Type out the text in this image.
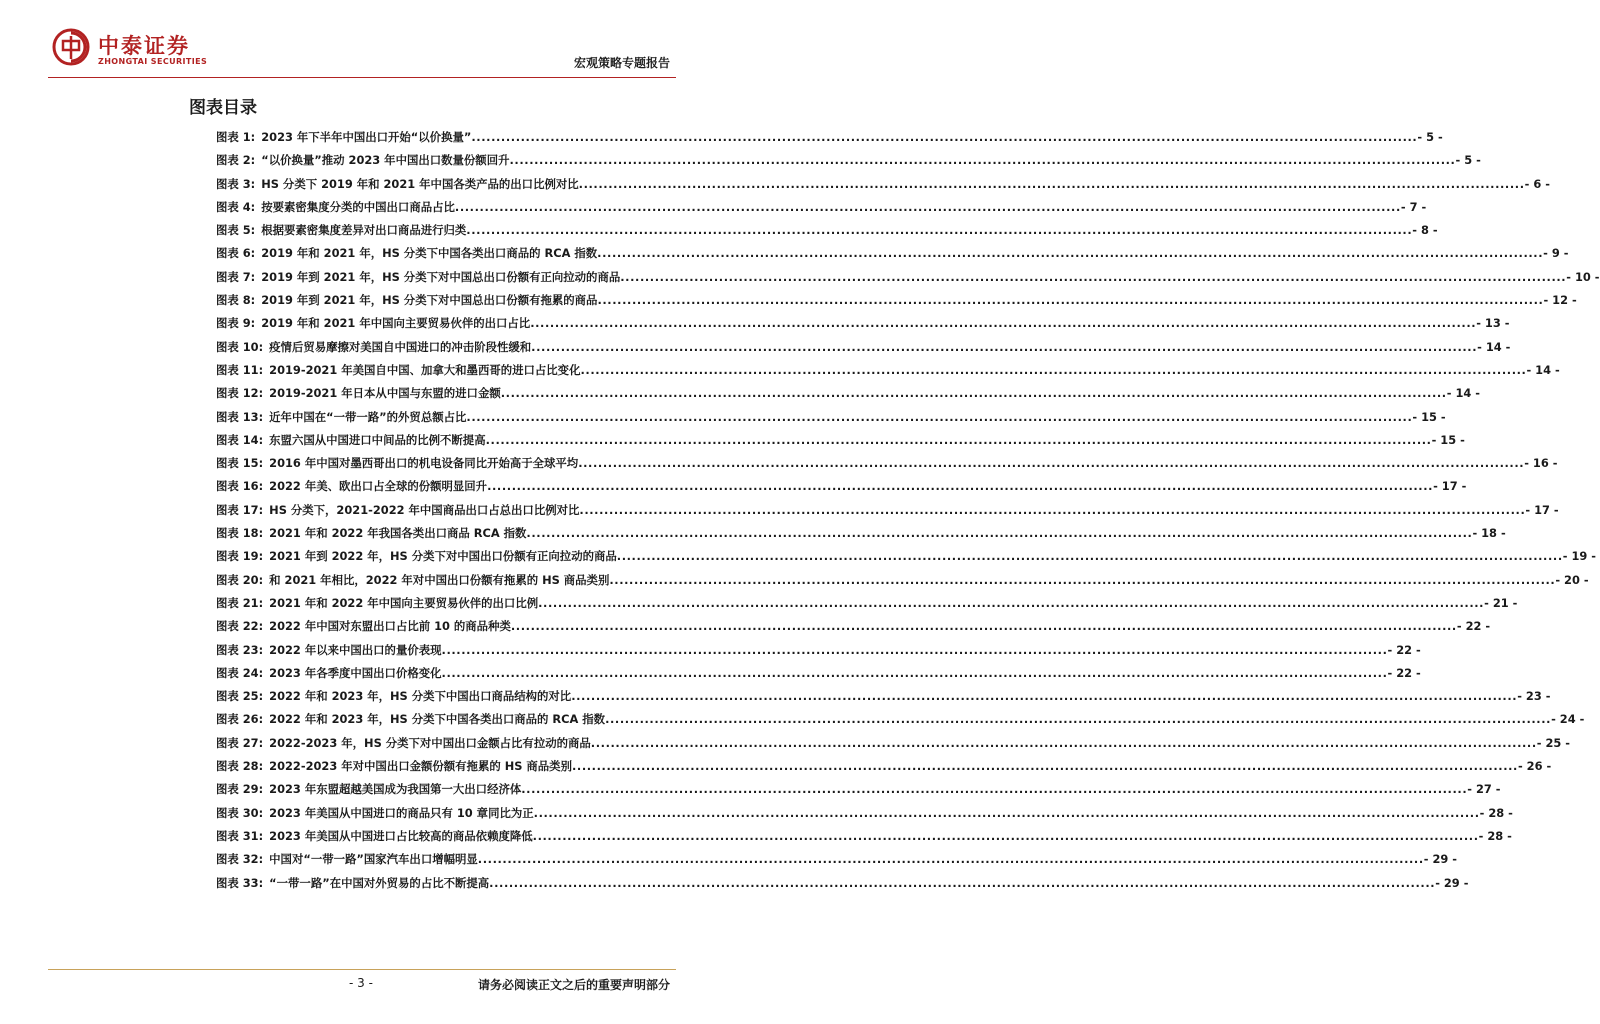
中泰证券
ZHONGTAI SECURITIES	宏观策略专题报告
图表目录
图表 1: 2023 年下半年中国出口开始“以价换量” .....	- 5 -
图表 2: “以价换量”推动 2023 年中国出口数量份额回升 .....	- 5 -
图表 3: HS 分类下 2019 年和 2021 年中国各类产品的出口比例对比 .....	- 6 -
图表 4: 按要素密集度分类的中国出口商品占比 .....	- 7 -
图表 5: 根据要素密集度差异对出口商品进行归类 .....	- 8 -
图表 6: 2019 年和 2021 年，HS 分类下中国各类出口商品的 RCA 指数 .....	- 9 -
图表 7: 2019 年到 2021 年，HS 分类下对中国总出口份额有正向拉动的商品 .....	- 10 -
图表 8: 2019 年到 2021 年，HS 分类下对中国总出口份额有拖累的商品 .....	- 12 -
图表 9: 2019 年和 2021 年中国向主要贸易伙伴的出口占比 .....	- 13 -
图表 10: 疫情后贸易摩擦对美国自中国进口的冲击阶段性缓和 .....	- 14 -
图表 11: 2019-2021 年美国自中国、加拿大和墨西哥的进口占比变化 .....	- 14 -
图表 12: 2019-2021 年日本从中国与东盟的进口金额 .....	- 14 -
图表 13: 近年中国在“一带一路”的外贸总额占比 .....	- 15 -
图表 14: 东盟六国从中国进口中间品的比例不断提高 .....	- 15 -
图表 15: 2016 年中国对墨西哥出口的机电设备同比开始高于全球平均 .....	- 16 -
图表 16: 2022 年美、欧出口占全球的份额明显回升 .....	- 17 -
图表 17: HS 分类下，2021-2022 年中国商品出口占总出口比例对比 .....	- 17 -
图表 18: 2021 年和 2022 年我国各类出口商品 RCA 指数 .....	- 18 -
图表 19: 2021 年到 2022 年，HS 分类下对中国出口份额有正向拉动的商品 .....	- 19 -
图表 20: 和 2021 年相比，2022 年对中国出口份额有拖累的 HS 商品类别 .....	- 20 -
图表 21: 2021 年和 2022 年中国向主要贸易伙伴的出口比例 .....	- 21 -
图表 22: 2022 年中国对东盟出口占比前 10 的商品种类 .....	- 22 -
图表 23: 2022 年以来中国出口的量价表现 .....	- 22 -
图表 24: 2023 年各季度中国出口价格变化 .....	- 22 -
图表 25: 2022 年和 2023 年，HS 分类下中国出口商品结构的对比 .....	- 23 -
图表 26: 2022 年和 2023 年，HS 分类下中国各类出口商品的 RCA 指数 .....	- 24 -
图表 27: 2022-2023 年，HS 分类下对中国出口金额占比有拉动的商品 .....	- 25 -
图表 28: 2022-2023 年对中国出口金额份额有拖累的 HS 商品类别 .....	- 26 -
图表 29: 2023 年东盟超越美国成为我国第一大出口经济体 .....	- 27 -
图表 30: 2023 年美国从中国进口的商品只有 10 章同比为正 .....	- 28 -
图表 31: 2023 年美国从中国进口占比较高的商品依赖度降低 .....	- 28 -
图表 32: 中国对“一带一路”国家汽车出口增幅明显 .....	- 29 -
图表 33: “一带一路”在中国对外贸易的占比不断提高 .....	- 29 -
- 3 -	请务必阅读正文之后的重要声明部分
